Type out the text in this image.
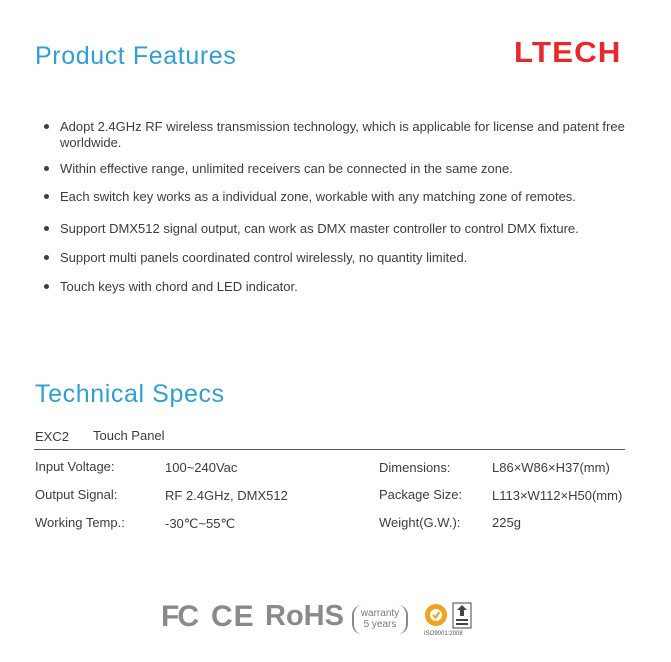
Product Features	LTECH
Adopt 2.4GHz RF wireless transmission technology, which is applicable for license and patent free worldwide.
Within effective range, unlimited receivers can be connected in the same zone.
Each switch key works as a individual zone, workable with any matching zone of remotes.
Support DMX512 signal output, can work as DMX master controller to control DMX fixture.
Support multi panels coordinated control wirelessly, no quantity limited.
Touch keys with chord and LED indicator.
Technical Specs
EXC2 Touch Panel
Input Voltage:	100~240Vac
Output Signal:	RF 2.4GHz, DMX512
Working Temp.:	-30℃~55℃
Dimensions:	L86×W86×H37(mm)
Package Size: L113×W112×H50(mm)
Weight(G.W.): 225g
FC CE RoHS	warranty
5 years
ISO9001:2008
